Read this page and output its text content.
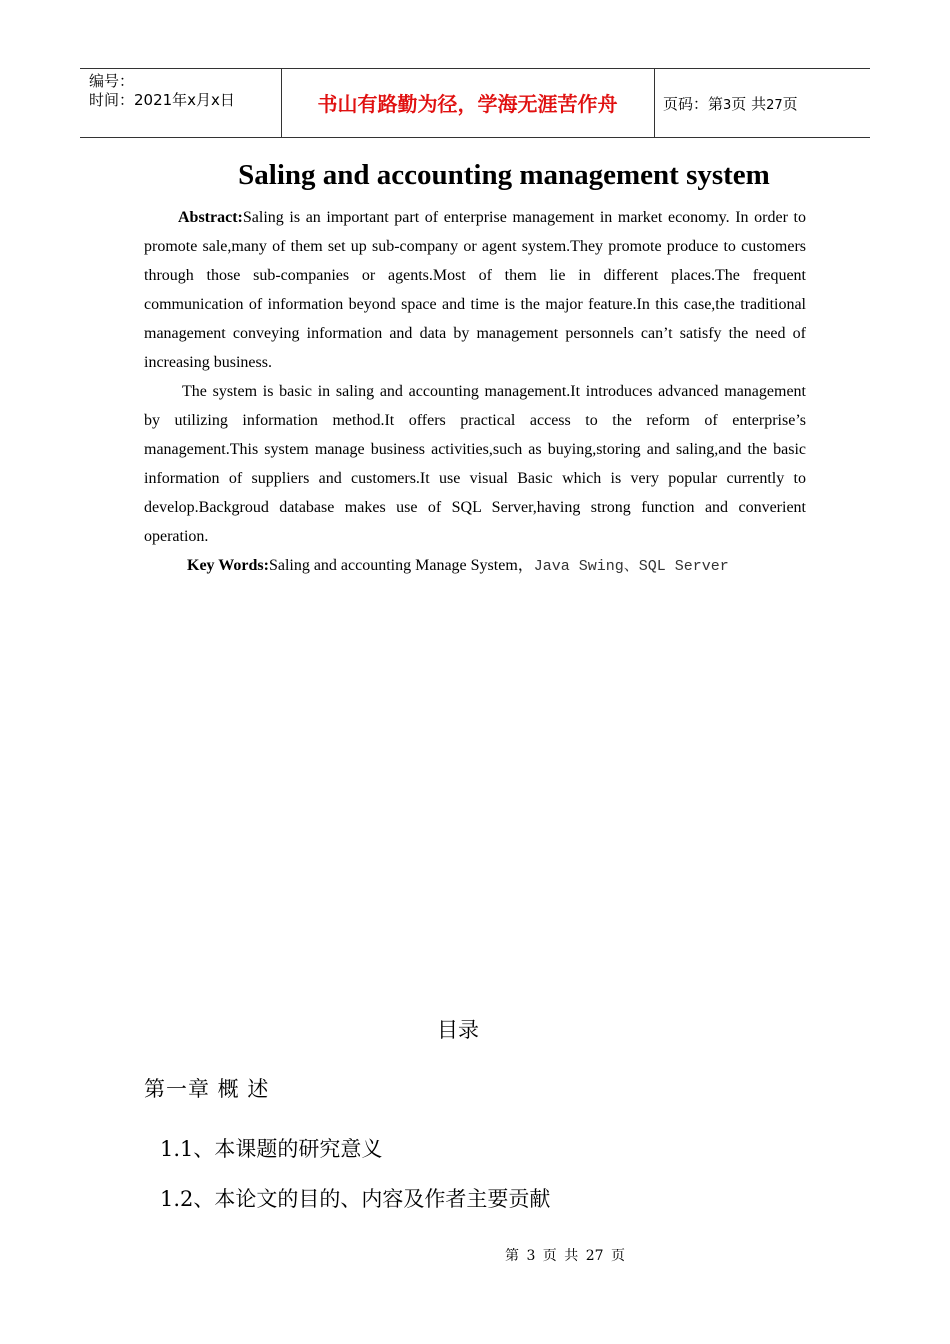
编号：
时间：2021年x月x日	书山有路勤为径，学海无涯苦作舟	页码：第3页 共27页
Saling and accounting management system
Abstract:Saling is an important part of enterprise management in market economy. In order to promote sale,many of them set up sub-company or agent system.They promote produce to customers through those sub-companies or agents.Most of them lie in different places.The frequent communication of information beyond space and time is the major feature.In this case,the traditional management conveying information and data by management personnels can’t satisfy the need of increasing business.
The system is basic in saling and accounting management.It introduces advanced management by utilizing information method.It offers practical access to the reform of enterprise’s management.This system manage business activities,such as buying,storing and saling,and the basic information of suppliers and customers.It use visual Basic which is very popular currently to develop.Backgroud database makes use of SQL Server,having strong function and converient operation.
Key Words:Saling and accounting Manage System，Java Swing、SQL Server
目录
第一章 概 述
1.1、本课题的研究意义
1.2、本论文的目的、内容及作者主要贡献
第 3 页 共 27 页
